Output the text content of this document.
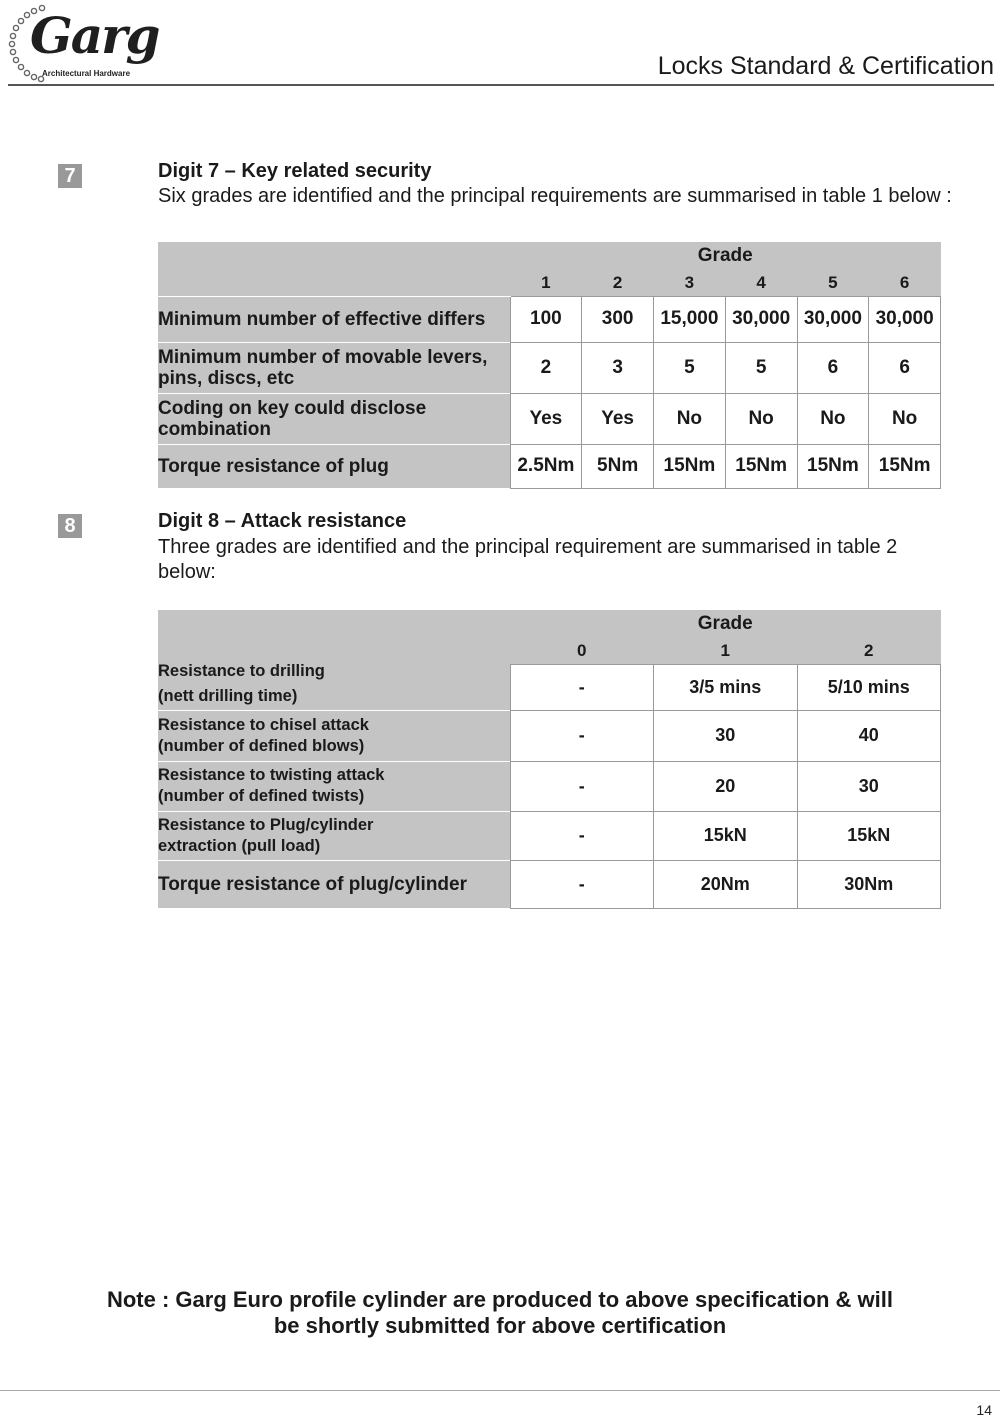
Garg
Architectural Hardware	Locks Standard & Certification
7	Digit 7 – Key related security
Six grades are identified and the principal requirements are summarised in table 1 below :
	Grade					
	1	2	3	4	5	6
Minimum number of effective differs	100	300	15,000	30,000	30,000	30,000
Minimum number of movable levers, pins, discs, etc	2	3	5	5	6	6
Coding on key could disclose combination	Yes	Yes	No	No	No	No
Torque resistance of plug	2.5Nm	5Nm	15Nm	15Nm	15Nm	15Nm
8	Digit 8 – Attack resistance
Three grades are identified and the principal requirement are summarised in table 2 below:
	Grade		
	0	1	2

Resistance to drilling
(nett drilling time)	-	3/5 mins	5/10 mins

Resistance to chisel attack
(number of defined blows)	-	30	40

Resistance to twisting attack
(number of defined twists)	-	20	30

Resistance to Plug/cylinder
extraction (pull load)	-	15kN	15kN
Torque resistance of plug/cylinder	-	20Nm	30Nm
Note : Garg Euro profile cylinder are produced to above specification & will
be shortly submitted for above certification
14
